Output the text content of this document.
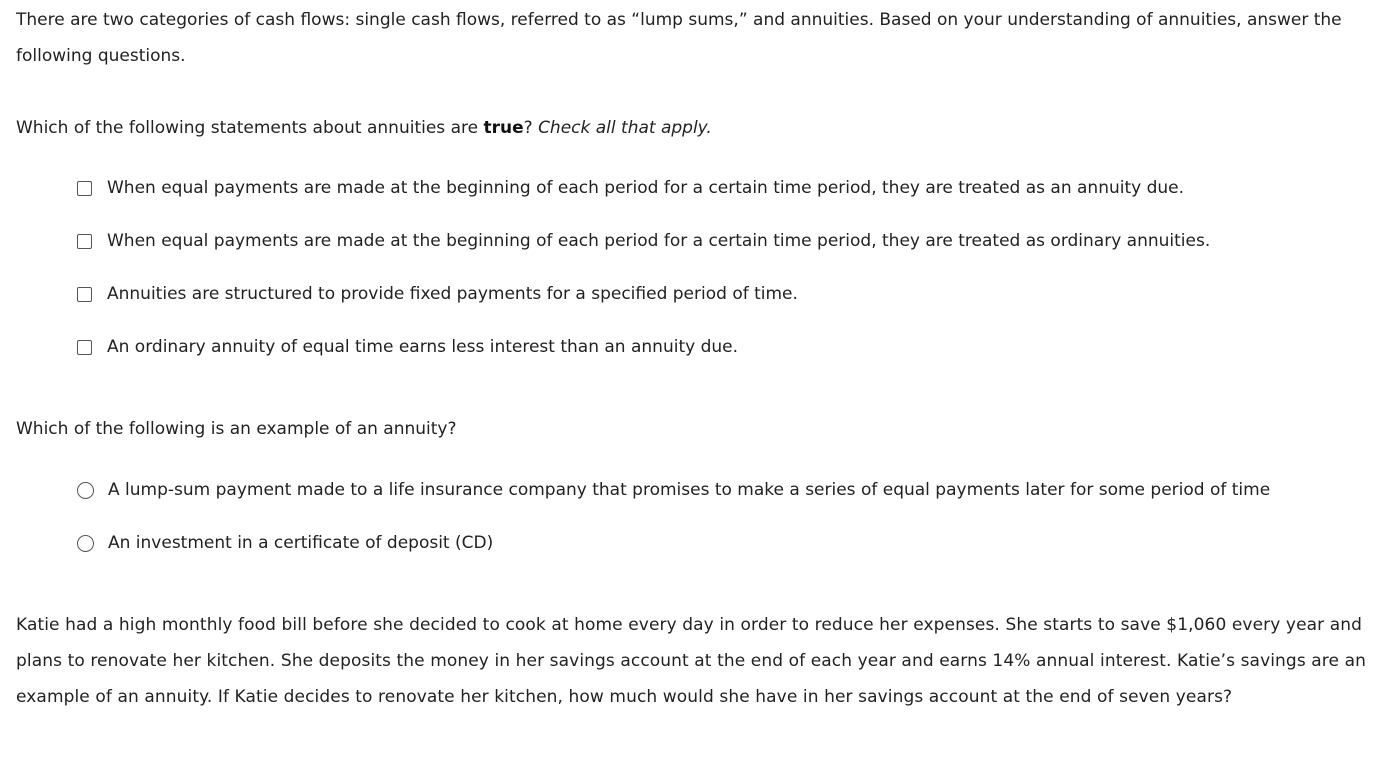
There are two categories of cash flows: single cash flows, referred to as “lump sums,” and annuities. Based on your understanding of annuities, answer the following questions.

Which of the following statements about annuities are true? Check all that apply.
When equal payments are made at the beginning of each period for a certain time period, they are treated as an annuity due.
When equal payments are made at the beginning of each period for a certain time period, they are treated as ordinary annuities.
Annuities are structured to provide fixed payments for a specified period of time.
An ordinary annuity of equal time earns less interest than an annuity due.
Which of the following is an example of an annuity?
A lump-sum payment made to a life insurance company that promises to make a series of equal payments later for some period of time
An investment in a certificate of deposit (CD)

Katie had a high monthly food bill before she decided to cook at home every day in order to reduce her expenses. She starts to save $1,060 every year and plans to renovate her kitchen. She deposits the money in her savings account at the end of each year and earns 14% annual interest. Katie’s savings are an example of an annuity. If Katie decides to renovate her kitchen, how much would she have in her savings account at the end of seven years?
